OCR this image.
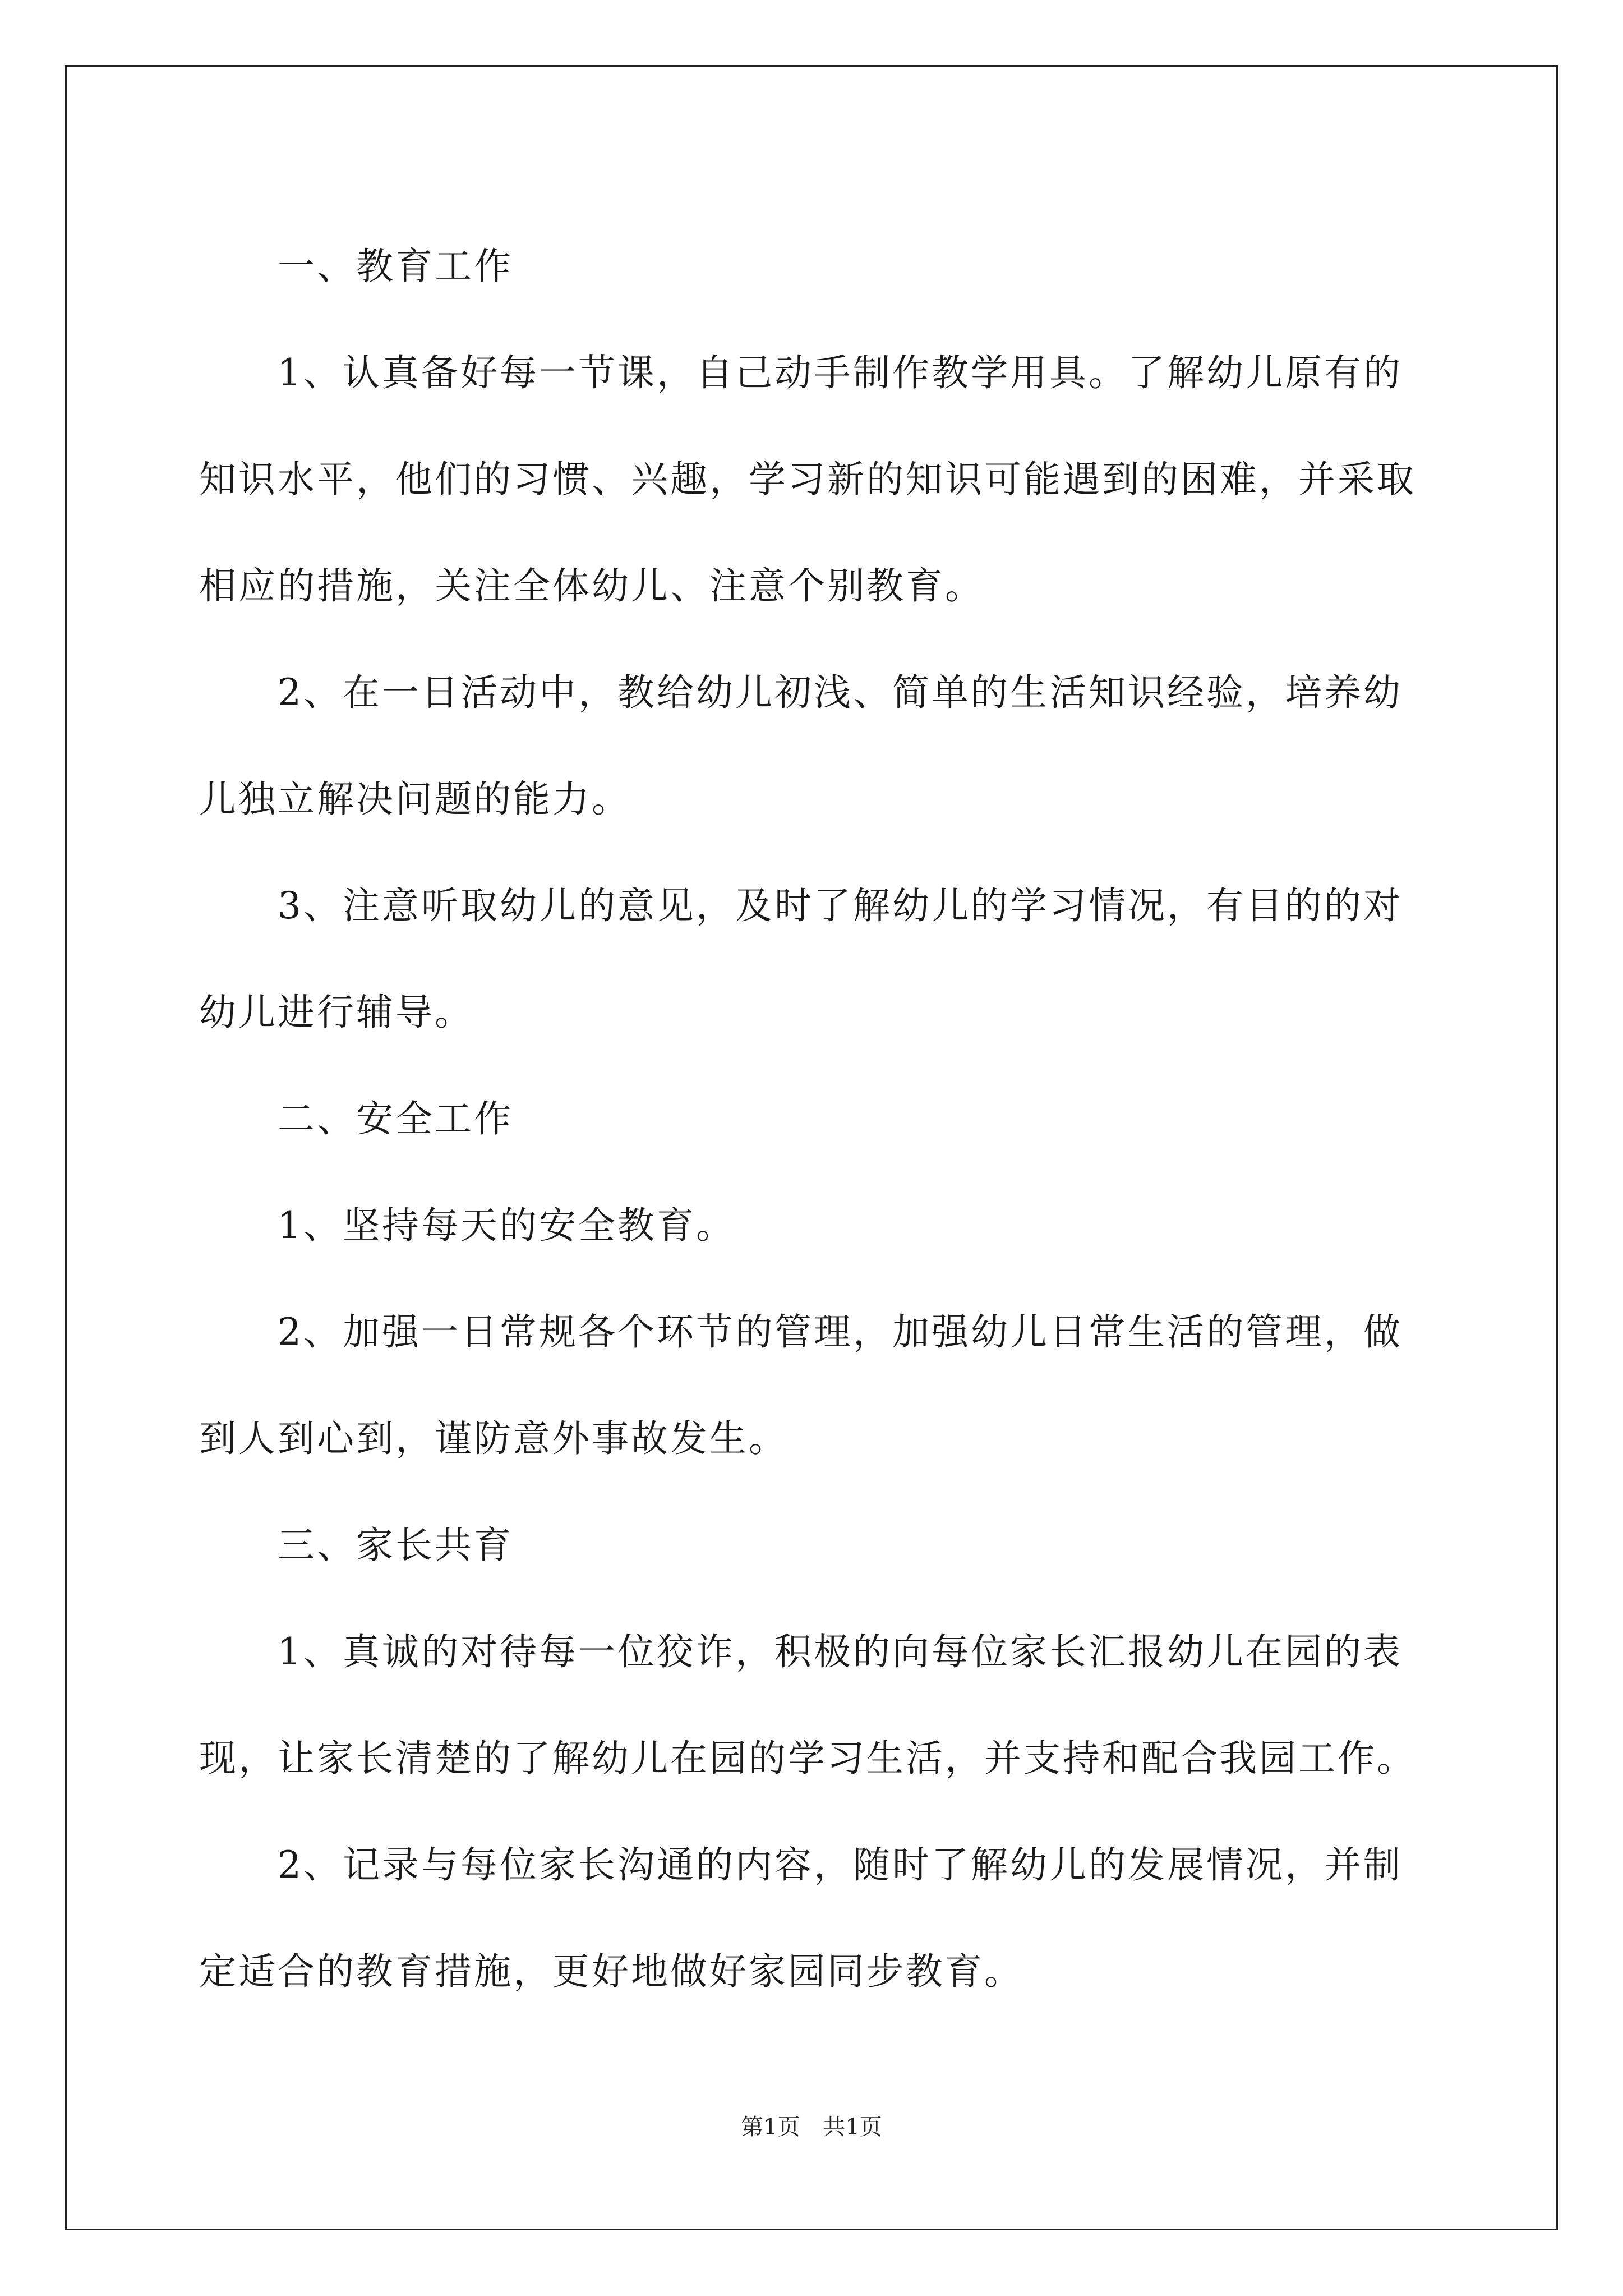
一、教育工作

1、认真备好每一节课，自己动手制作教学用具。了解幼儿原有的知识水平，他们的习惯、兴趣，学习新的知识可能遇到的困难，并采取相应的措施，关注全体幼儿、注意个别教育。

2、在一日活动中，教给幼儿初浅、简单的生活知识经验，培养幼儿独立解决问题的能力。

3、注意听取幼儿的意见，及时了解幼儿的学习情况，有目的的对幼儿进行辅导。

二、安全工作

1、坚持每天的安全教育。

2、加强一日常规各个环节的管理，加强幼儿日常生活的管理，做到人到心到，谨防意外事故发生。

三、家长共育

1、真诚的对待每一位狡诈，积极的向每位家长汇报幼儿在园的表现，让家长清楚的了解幼儿在园的学习生活，并支持和配合我园工作。

2、记录与每位家长沟通的内容，随时了解幼儿的发展情况，并制定适合的教育措施，更好地做好家园同步教育。

第1页 共1页
